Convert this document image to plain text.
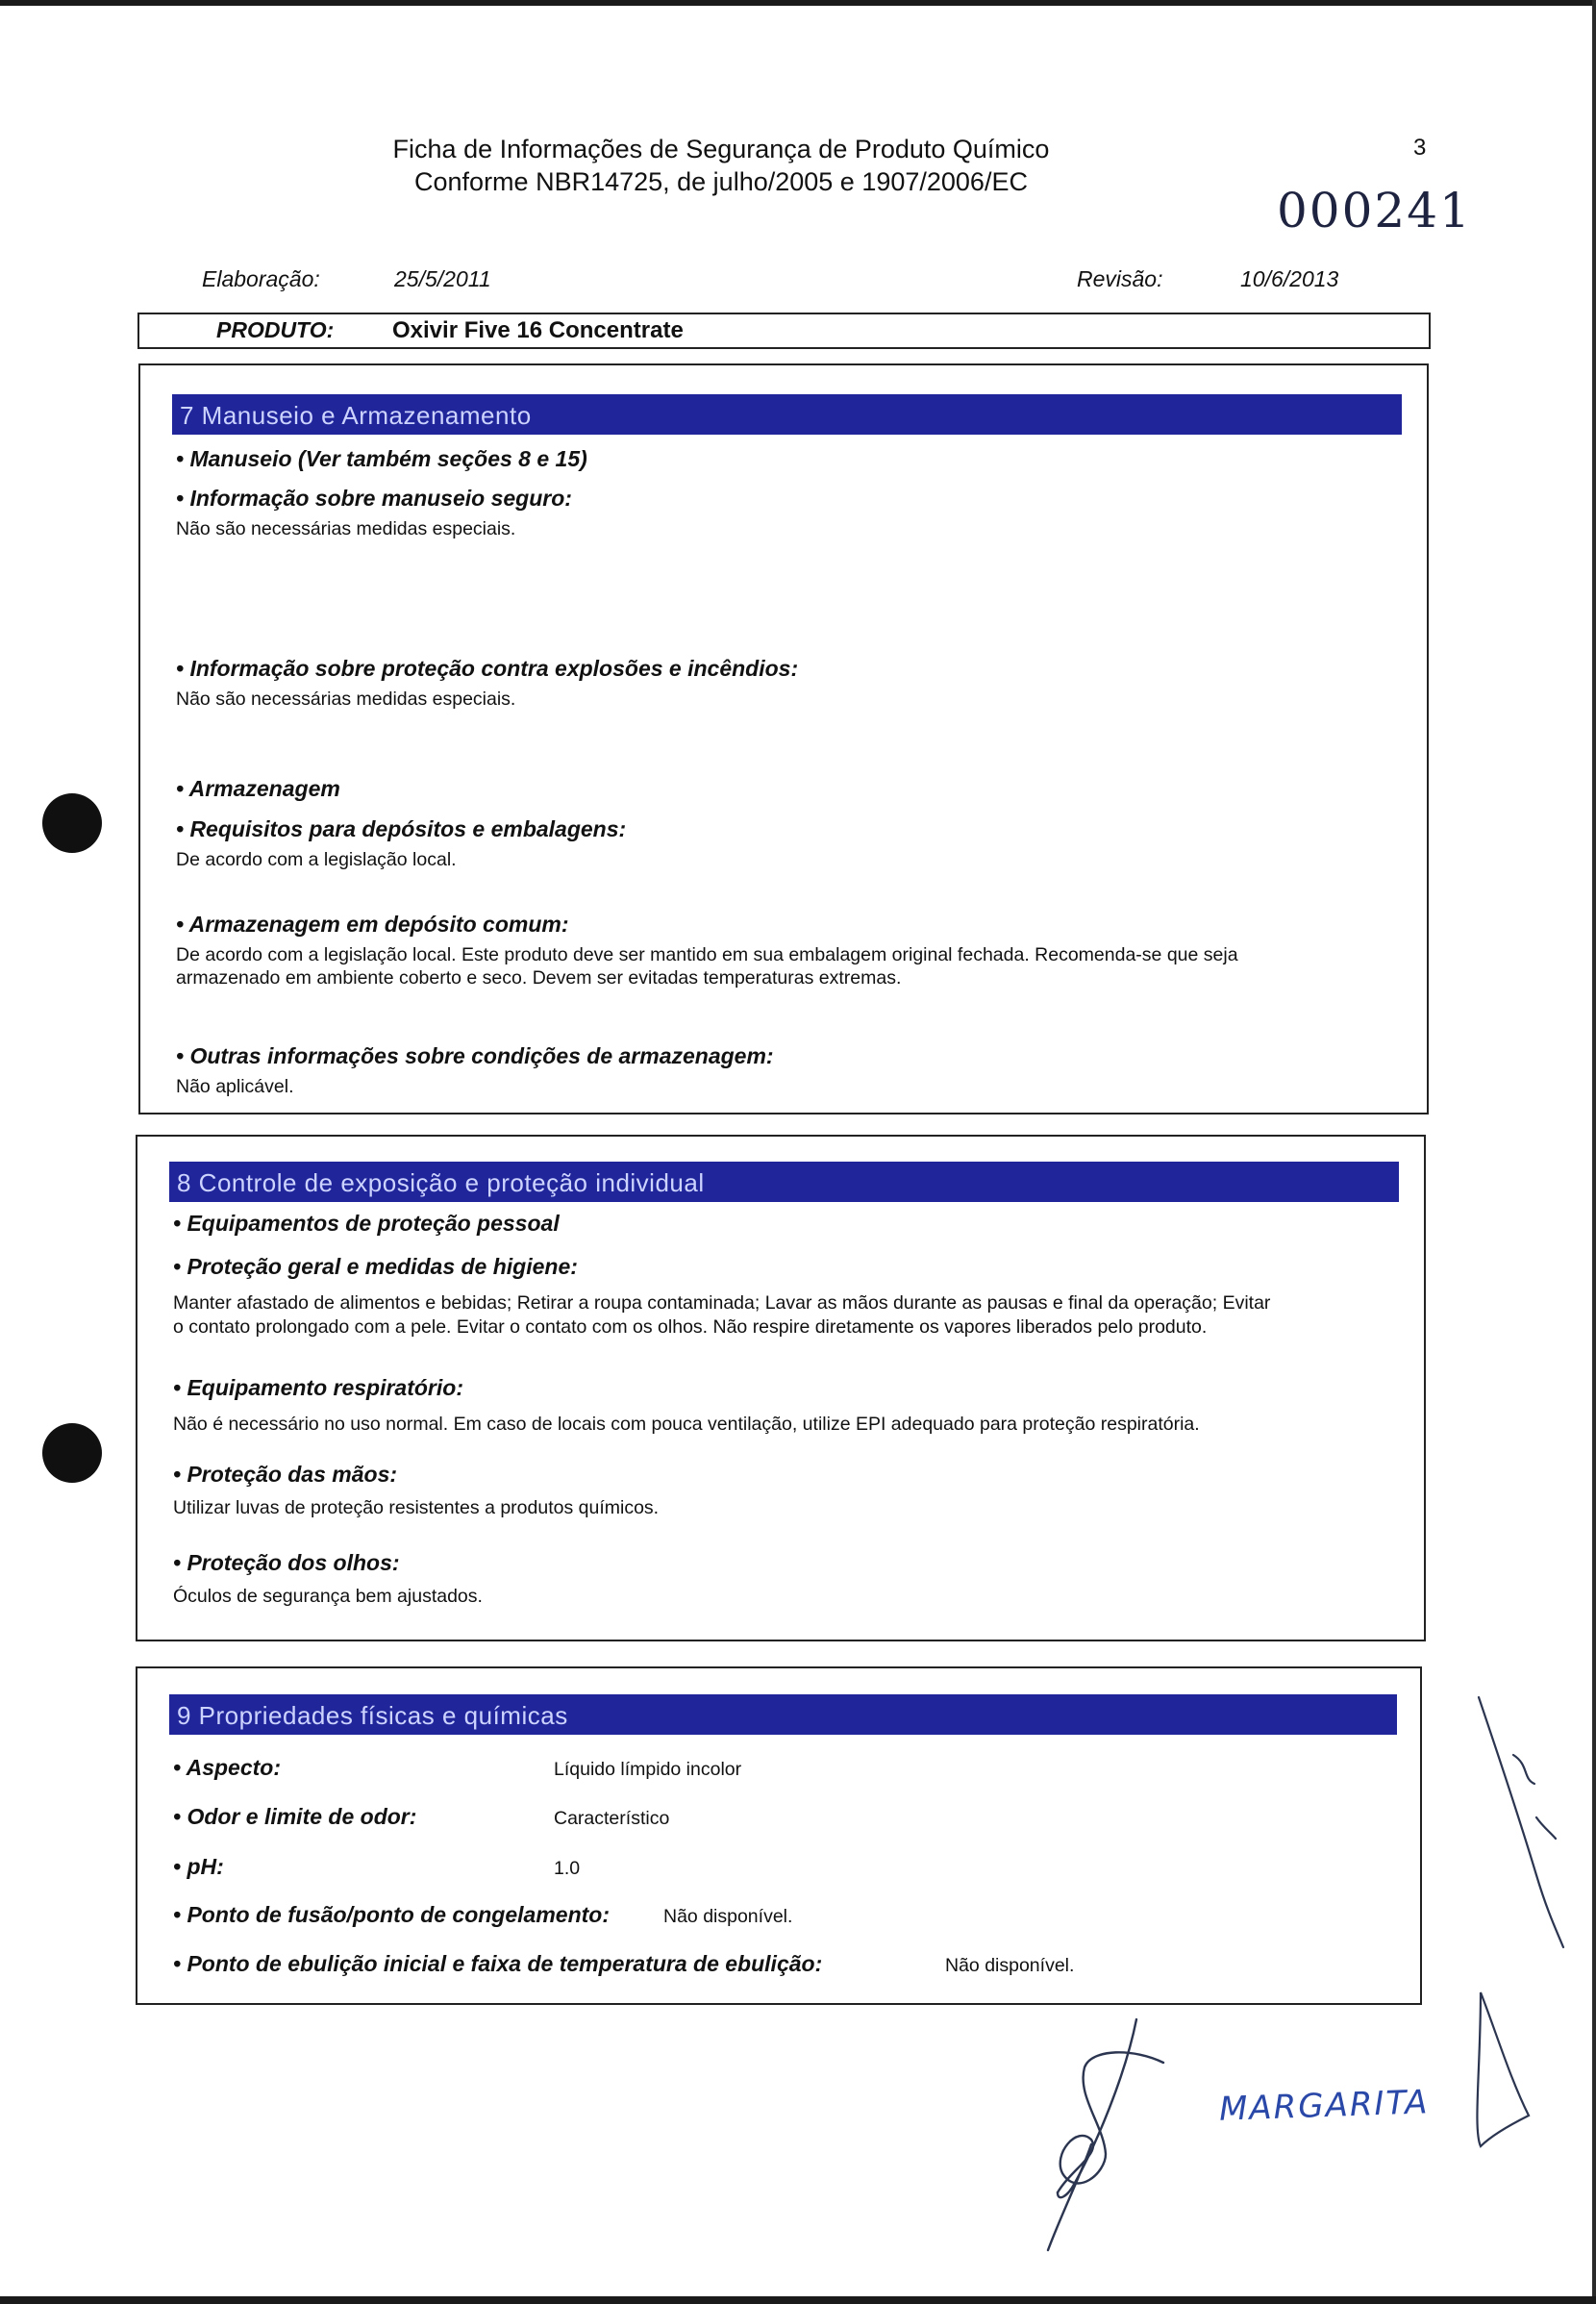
Ficha de Informações de Segurança de Produto Químico
Conforme NBR14725, de julho/2005 e 1907/2006/EC
3
000241
Elaboração:	25/5/2011	Revisão:	10/6/2013
PRODUTO:	Oxivir Five 16 Concentrate
7 Manuseio e Armazenamento
• Manuseio (Ver também seções 8 e 15)
• Informação sobre manuseio seguro:
Não são necessárias medidas especiais.
• Informação sobre proteção contra explosões e incêndios:
Não são necessárias medidas especiais.
• Armazenagem
• Requisitos para depósitos e embalagens:
De acordo com a legislação local.
• Armazenagem em depósito comum:
De acordo com a legislação local. Este produto deve ser mantido em sua embalagem original fechada. Recomenda-se que seja
armazenado em ambiente coberto e seco. Devem ser evitadas temperaturas extremas.
• Outras informações sobre condições de armazenagem:
Não aplicável.
8 Controle de exposição e proteção individual
• Equipamentos de proteção pessoal
• Proteção geral e medidas de higiene:
Manter afastado de alimentos e bebidas; Retirar a roupa contaminada; Lavar as mãos durante as pausas e final da operação; Evitar
o contato prolongado com a pele. Evitar o contato com os olhos. Não respire diretamente os vapores liberados pelo produto.
• Equipamento respiratório:
Não é necessário no uso normal. Em caso de locais com pouca ventilação, utilize EPI adequado para proteção respiratória.
• Proteção das mãos:
Utilizar luvas de proteção resistentes a produtos químicos.
• Proteção dos olhos:
Óculos de segurança bem ajustados.
9 Propriedades físicas e químicas
• Aspecto:	Líquido límpido incolor
• Odor e limite de odor:	Característico
• pH:	1.0
• Ponto de fusão/ponto de congelamento:	Não disponível.
• Ponto de ebulição inicial e faixa de temperatura de ebulição:	Não disponível.
MARGARITA
